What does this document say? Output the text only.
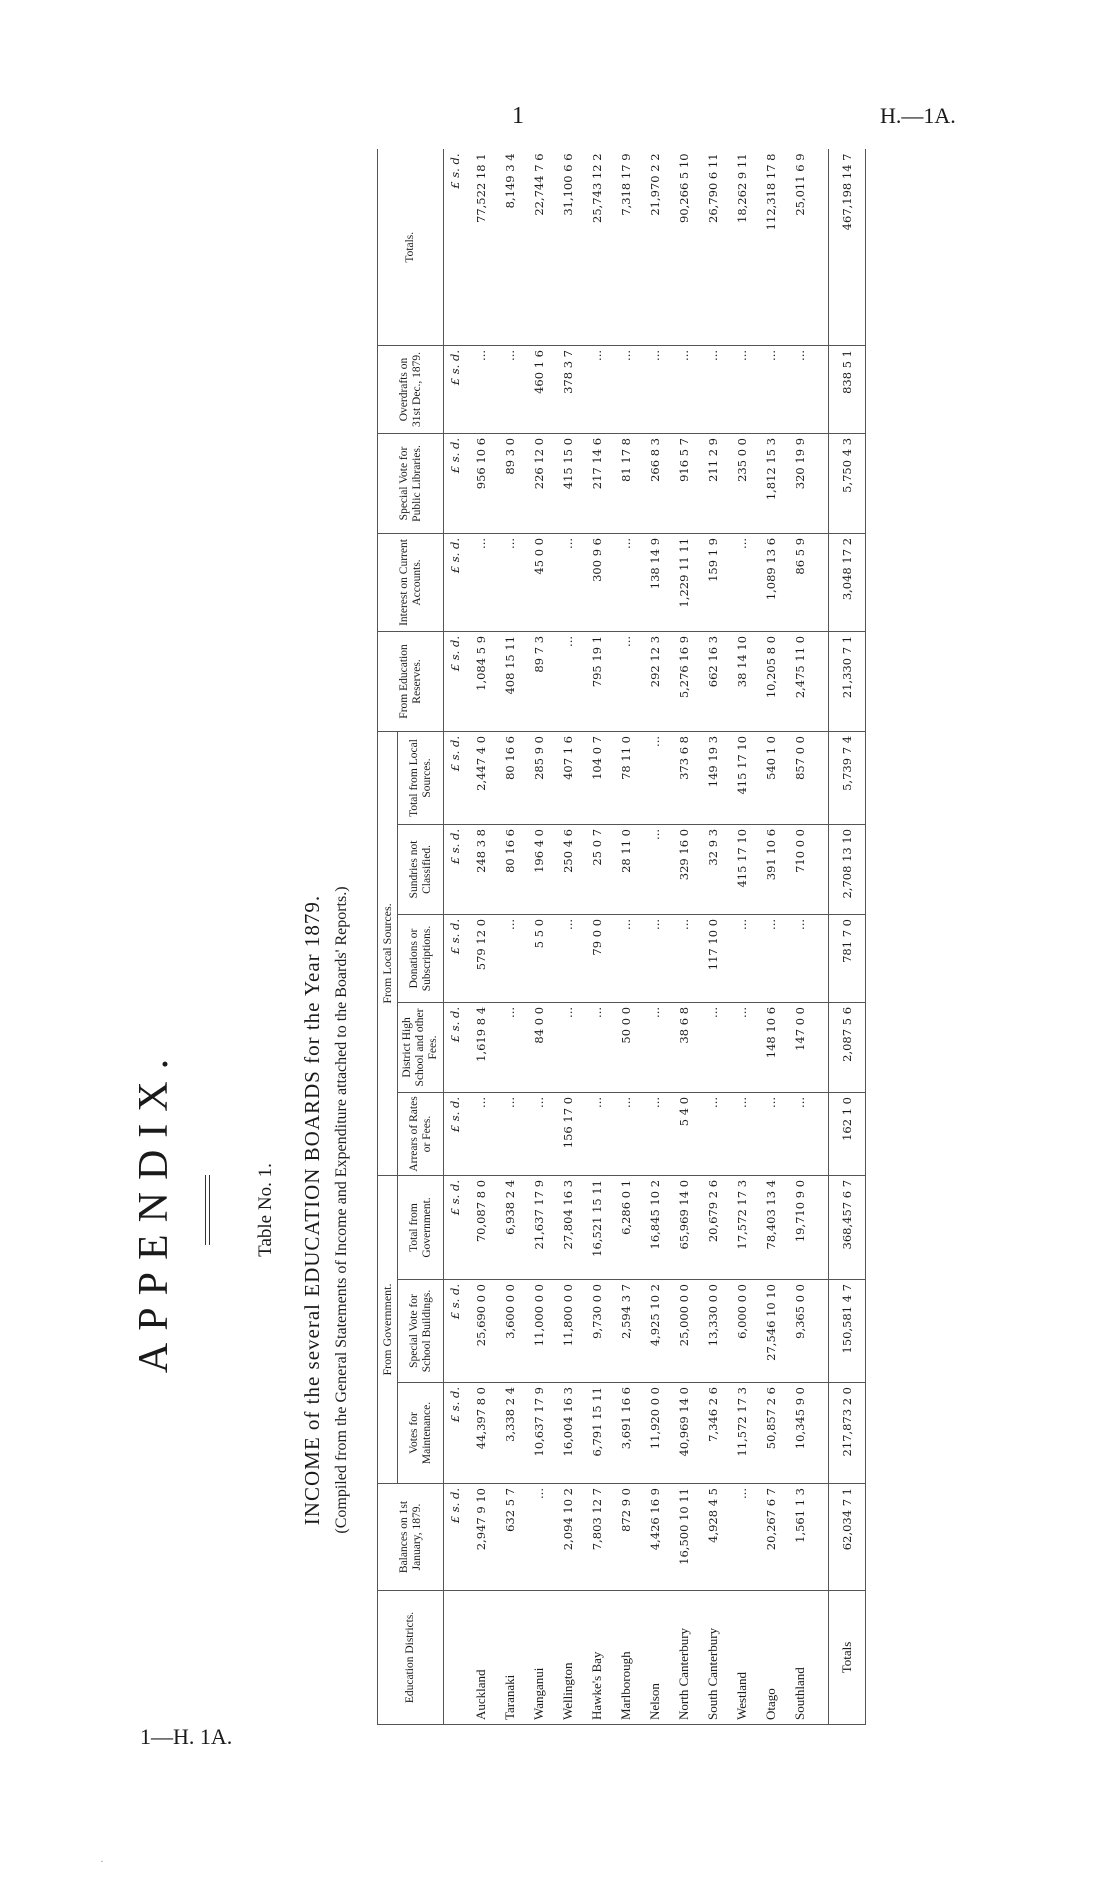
1	H.—1A.
APPENDIX.	Table No. 1. INCOME of the several EDUCATION BOARDS for the Year 1879. (Compiled from the General Statements of Income and Expenditure attached to the Boards' Reports.)
Education Districts.	Balances on 1st January, 1879.	From Government.			From Local Sources.					From Education Reserves.	Interest on Current Accounts.	Special Vote for Public Libraries.	Overdrafts on 31st Dec., 1879.	Totals.
		Votes for Maintenance.	Special Vote for School Buildings.	Total from Government.	Arrears of Rates or Fees.	District High School and other Fees.	Donations or Subscriptions.	Sundries not Classified.	Total from Local Sources.					
	£ s. d.	£ s. d.	£ s. d.	£ s. d.	£ s. d.	£ s. d.	£ s. d.	£ s. d.	£ s. d.	£ s. d.	£ s. d.	£ s. d.	£ s. d.	£ s. d.
Auckland	2,947 9 10	44,397 8 0	25,690 0 0	70,087 8 0	...	1,619 8 4	579 12 0	248 3 8	2,447 4 0	1,084 5 9	...	956 10 6	...	77,522 18 1
Taranaki	632 5 7	3,338 2 4	3,600 0 0	6,938 2 4	...	...	...	80 16 6	80 16 6	408 15 11	...	89 3 0	...	8,149 3 4
Wanganui	...	10,637 17 9	11,000 0 0	21,637 17 9	...	84 0 0	5 5 0	196 4 0	285 9 0	89 7 3	45 0 0	226 12 0	460 1 6	22,744 7 6
Wellington	2,094 10 2	16,004 16 3	11,800 0 0	27,804 16 3	156 17 0	...	...	250 4 6	407 1 6	...	...	415 15 0	378 3 7	31,100 6 6
Hawke's Bay	7,803 12 7	6,791 15 11	9,730 0 0	16,521 15 11	...	...	79 0 0	25 0 7	104 0 7	795 19 1	300 9 6	217 14 6	...	25,743 12 2
Marlborough	872 9 0	3,691 16 6	2,594 3 7	6,286 0 1	...	50 0 0	...	28 11 0	78 11 0	...	...	81 17 8	...	7,318 17 9
Nelson	4,426 16 9	11,920 0 0	4,925 10 2	16,845 10 2	...	...	...	...	...	292 12 3	138 14 9	266 8 3	...	21,970 2 2
North Canterbury	16,500 10 11	40,969 14 0	25,000 0 0	65,969 14 0	5 4 0	38 6 8	...	329 16 0	373 6 8	5,276 16 9	1,229 11 11	916 5 7	...	90,266 5 10
South Canterbury	4,928 4 5	7,346 2 6	13,330 0 0	20,679 2 6	...	...	117 10 0	32 9 3	149 19 3	662 16 3	159 1 9	211 2 9	...	26,790 6 11
Westland	...	11,572 17 3	6,000 0 0	17,572 17 3	...	...	...	415 17 10	415 17 10	38 14 10	...	235 0 0	...	18,262 9 11
Otago	20,267 6 7	50,857 2 6	27,546 10 10	78,403 13 4	...	148 10 6	...	391 10 6	540 1 0	10,205 8 0	1,089 13 6	1,812 15 3	...	112,318 17 8
Southland	1,561 1 3	10,345 9 0	9,365 0 0	19,710 9 0	...	147 0 0	...	710 0 0	857 0 0	2,475 11 0	86 5 9	320 19 9	...	25,011 6 9

Totals	62,034 7 1	217,873 2 0	150,581 4 7	368,457 6 7	162 1 0	2,087 5 6	781 7 0	2,708 13 10	5,739 7 4	21,330 7 1	3,048 17 2	5,750 4 3	838 5 1	467,198 14 7
1—H. 1A.
·
